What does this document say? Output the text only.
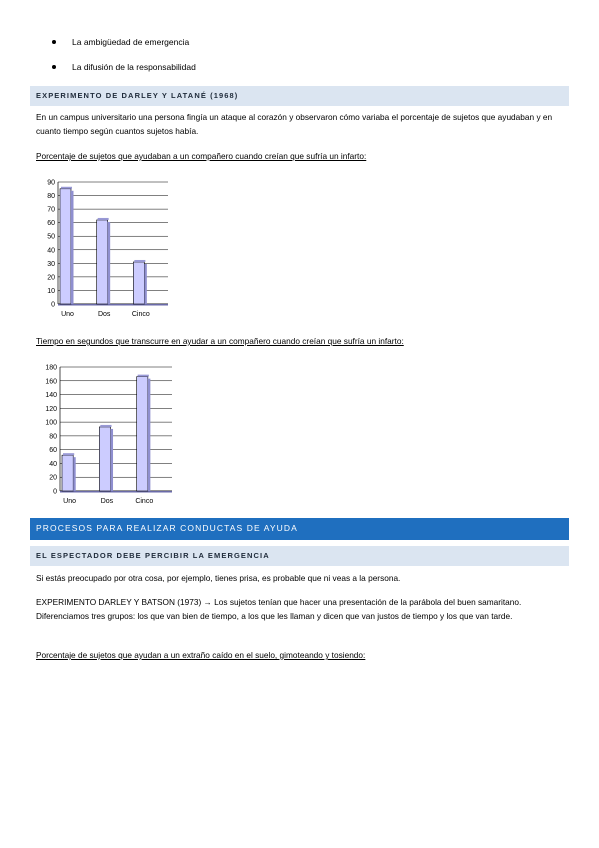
La ambigüedad de emergencia
La difusión de la responsabilidad
EXPERIMENTO DE DARLEY Y LATANÉ (1968)

En un campus universitario una persona fingía un ataque al corazón y observaron cómo variaba el porcentaje de sujetos que ayudaban y en cuanto tiempo según cuantos sujetos había.

Porcentaje de sujetos que ayudaban a un compañero cuando creían que sufría un infarto:

0
10
20
30
40
50
60
70
80
90
Uno	Dos	Cinco

Tiempo en segundos que transcurre en ayudar a un compañero cuando creían que sufría un infarto:

0
20
40
60
80
100
120
140
160
180
Uno	Dos	Cinco
PROCESOS PARA REALIZAR CONDUCTAS DE AYUDA
EL ESPECTADOR DEBE PERCIBIR LA EMERGENCIA

Si estás preocupado por otra cosa, por ejemplo, tienes prisa, es probable que ni veas a la persona.

EXPERIMENTO DARLEY Y BATSON (1973) → Los sujetos tenían que hacer una presentación de la parábola del buen samaritano. Diferenciamos tres grupos: los que van bien de tiempo, a los que les llaman y dicen que van justos de tiempo y los que van tarde.

Porcentaje de sujetos que ayudan a un extraño caído en el suelo, gimoteando y tosiendo:
